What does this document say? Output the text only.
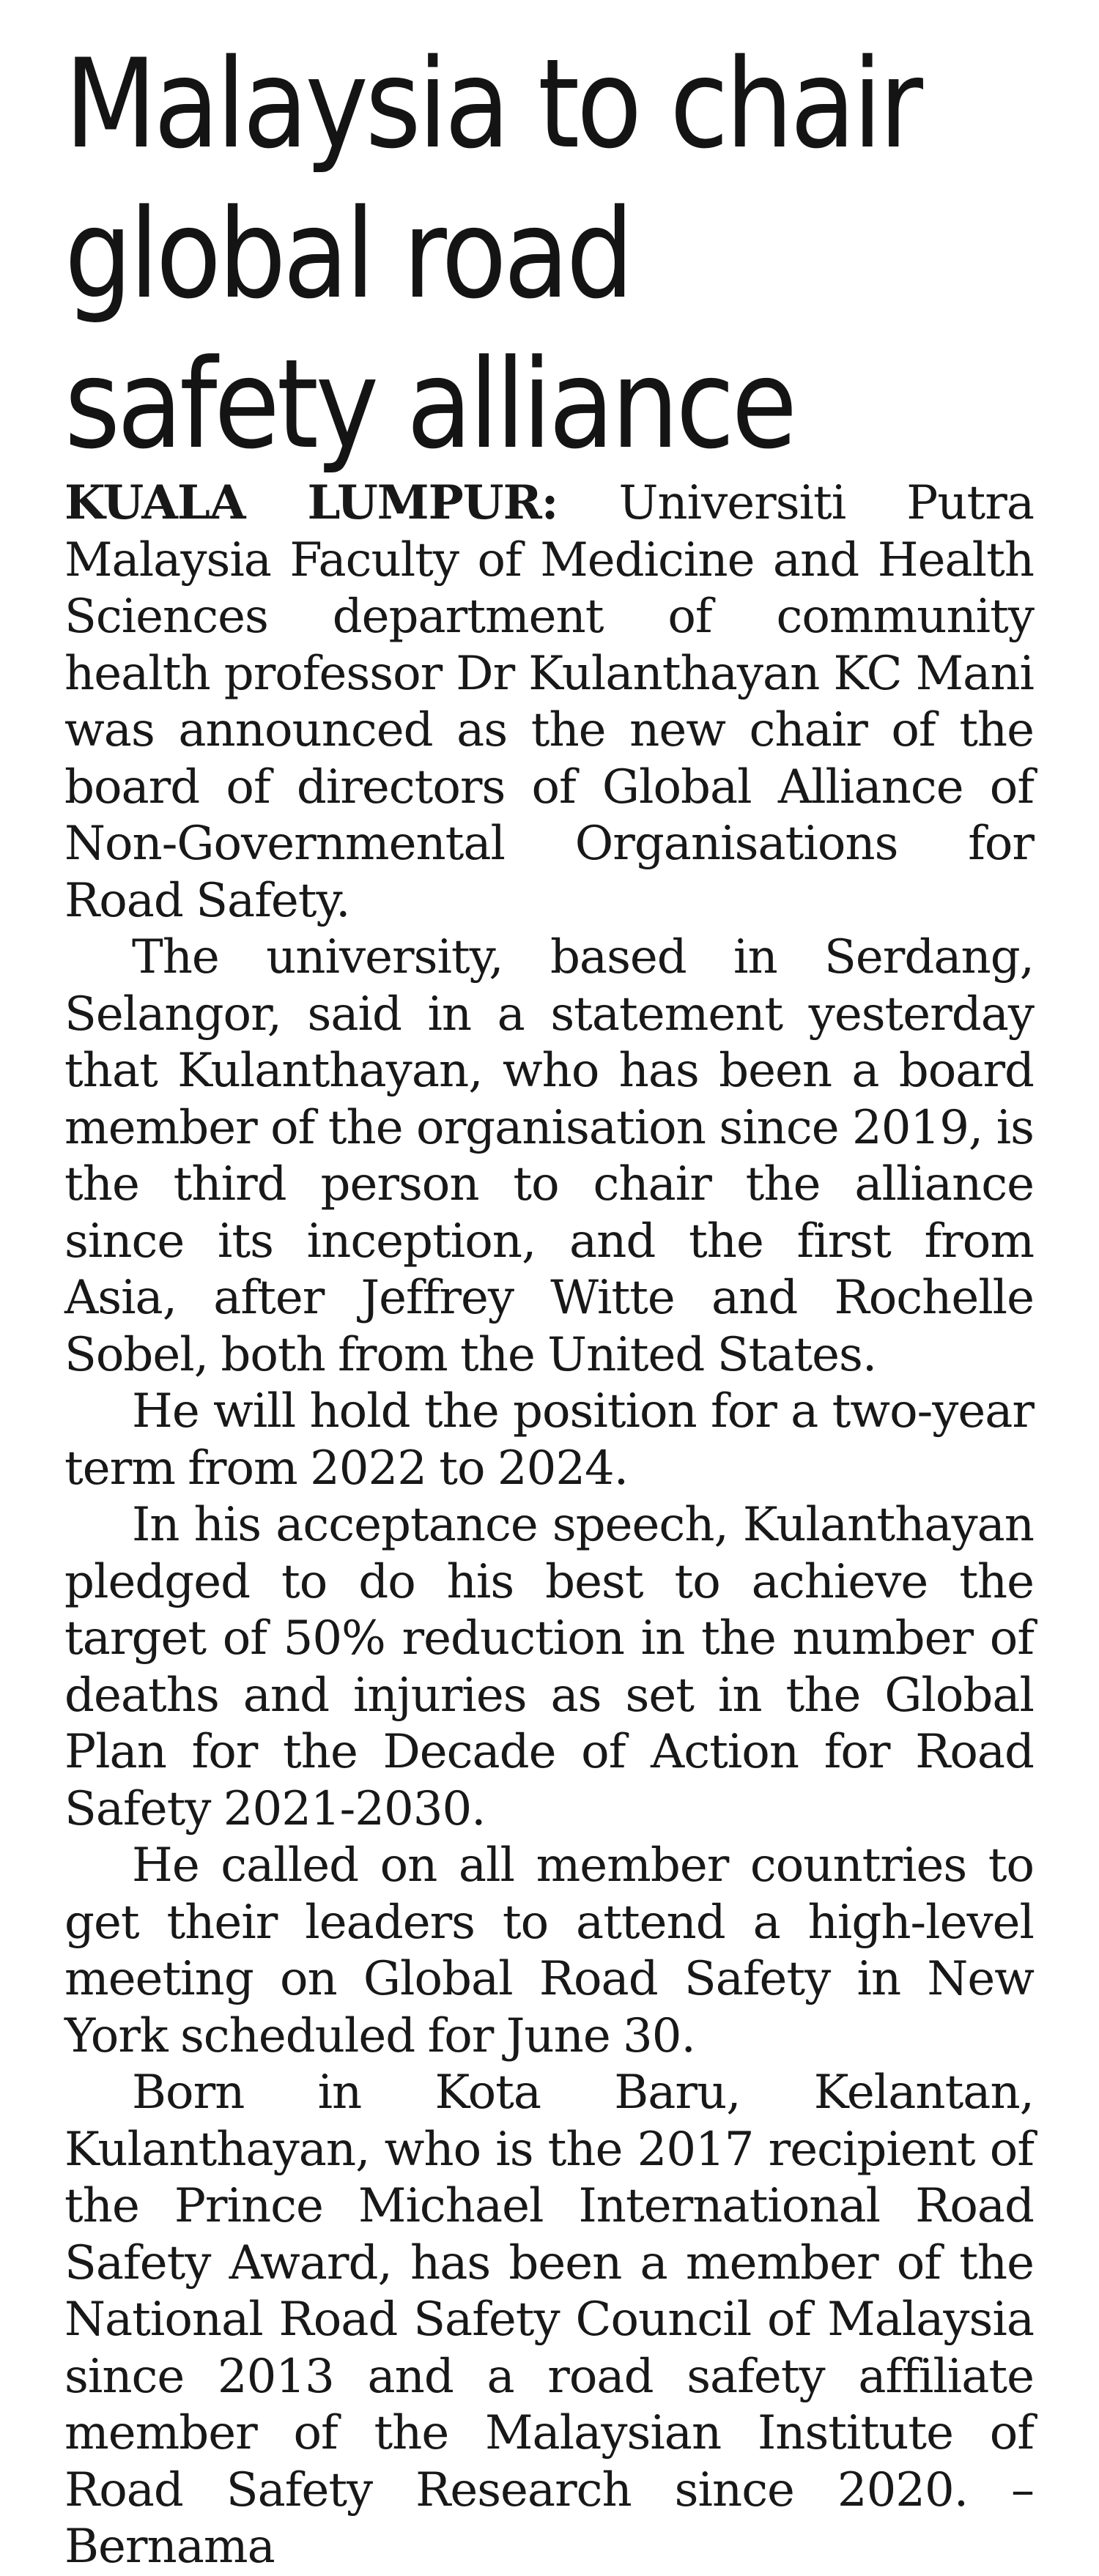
Malaysia to chair
global road
safety alliance

KUALA LUMPUR: Universiti Putra Malaysia Faculty of Medicine and Health Sciences department of community health professor Dr Kulanthayan KC Mani was announced as the new chair of the board of directors of Global Alliance of Non-Governmental Organisations for Road Safety.

The university, based in Serdang, Selangor, said in a statement yesterday that Kulanthayan, who has been a board member of the organisation since 2019, is the third person to chair the alliance since its inception, and the first from Asia, after Jeffrey Witte and Rochelle Sobel, both from the United States.

He will hold the position for a two-year term from 2022 to 2024.

In his acceptance speech, Kulanthayan pledged to do his best to achieve the target of 50% reduction in the number of deaths and injuries as set in the Global Plan for the Decade of Action for Road Safety 2021-2030.

He called on all member countries to get their leaders to attend a high-level meeting on Global Road Safety in New York scheduled for June 30.

Born in Kota Baru, Kelantan, Kulanthayan, who is the 2017 recipient of the Prince Michael International Road Safety Award, has been a member of the National Road Safety Council of Malaysia since 2013 and a road safety affiliate member of the Malaysian Institute of Road Safety Research since 2020. – Bernama
